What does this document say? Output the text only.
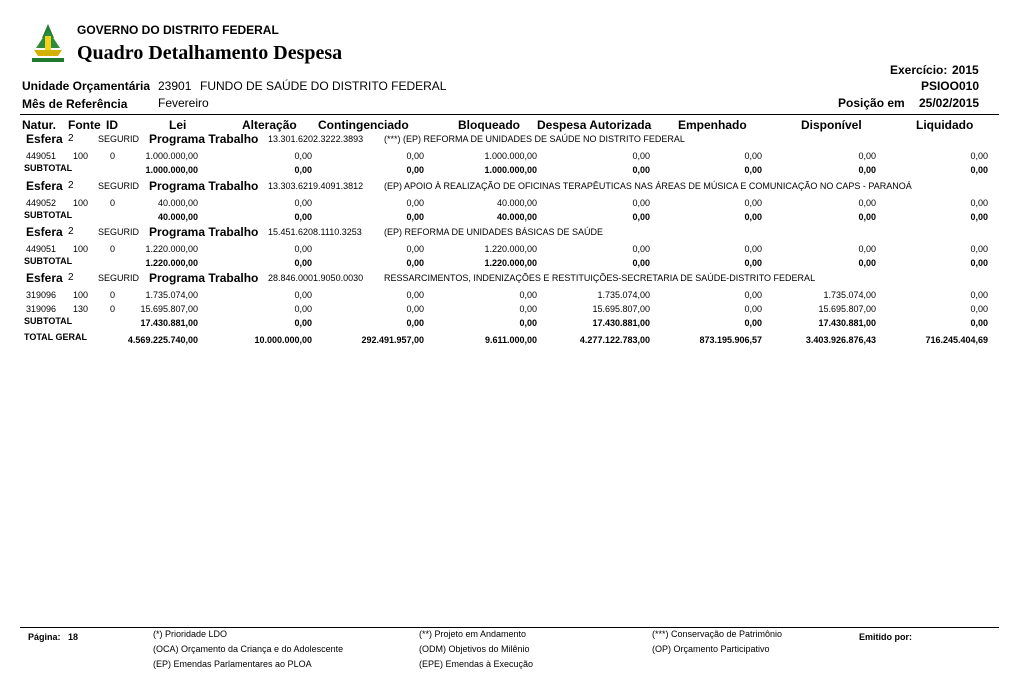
GOVERNO DO DISTRITO FEDERAL
Quadro Detalhamento Despesa
Exercício: 2015
PSIOO010
Unidade Orçamentária 23901 FUNDO DE SAÚDE DO DISTRITO FEDERAL
Mês de Referência	Fevereiro	Posição em 25/02/2015
Natur. Fonte ID	Lei	Alteração Contingenciado	Bloqueado Despesa Autorizada Empenhado	Disponível	Liquidado
Esfera 2	SEGURID Programa Trabalho 13.301.6202.3222.3893 (***) (EP) REFORMA DE UNIDADES DE SAÚDE NO DISTRITO FEDERAL
449051 100 0	1.000.000,00	0,00	0,00	1.000.000,00	0,00	0,00	0,00	0,00
SUBTOTAL	1.000.000,00	0,00	0,00	1.000.000,00	0,00	0,00	0,00	0,00
Esfera 2	SEGURID Programa Trabalho 13.303.6219.4091.3812 (EP) APOIO À REALIZAÇÃO DE OFICINAS TERAPÊUTICAS NAS ÁREAS DE MÚSICA E COMUNICAÇÃO NO CAPS - PARANOÁ
449052 100 0	40.000,00	0,00	0,00	40.000,00	0,00	0,00	0,00	0,00
SUBTOTAL	40.000,00	0,00	0,00	40.000,00	0,00	0,00	0,00	0,00
Esfera 2	SEGURID Programa Trabalho 15.451.6208.1110.3253 (EP) REFORMA DE UNIDADES BÁSICAS DE SAÚDE
449051 100 0	1.220.000,00	0,00	0,00	1.220.000,00	0,00	0,00	0,00	0,00
SUBTOTAL	1.220.000,00	0,00	0,00	1.220.000,00	0,00	0,00	0,00	0,00
Esfera 2	SEGURID Programa Trabalho 28.846.0001.9050.0030 RESSARCIMENTOS, INDENIZAÇÕES E RESTITUIÇÕES-SECRETARIA DE SAÚDE-DISTRITO FEDERAL
319096 100 0	1.735.074,00	0,00	0,00	0,00	1.735.074,00	0,00	1.735.074,00	0,00
319096 130 0	15.695.807,00	0,00	0,00	0,00	15.695.807,00	0,00	15.695.807,00	0,00
SUBTOTAL	17.430.881,00	0,00	0,00	0,00	17.430.881,00	0,00	17.430.881,00	0,00
TOTAL GERAL	4.569.225.740,00	10.000.000,00	292.491.957,00	9.611.000,00	4.277.122.783,00	873.195.906,57	3.403.926.876,43	716.245.404,69
Página: 18	(*) Prioridade LDO	(**) Projeto em Andamento	(***) Conservação de Patrimônio
(OCA) Orçamento da Criança e do Adolescente	(ODM) Objetivos do Milênio	(OP) Orçamento Participativo
(EP) Emendas Parlamentares ao PLOA	(EPE) Emendas à Execução
Emitido por:
